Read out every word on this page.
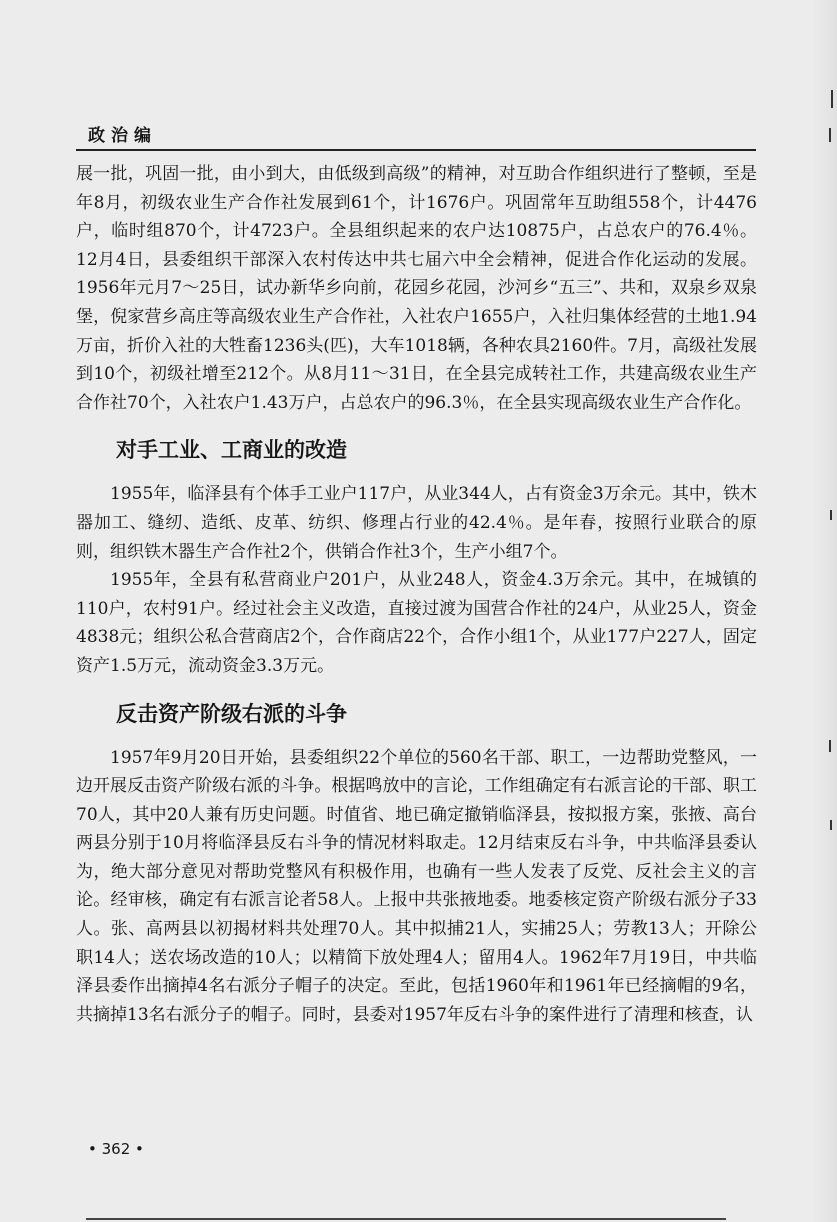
政治编

展一批，巩固一批，由小到大，由低级到高级”的精神，对互助合作组织进行了整顿，至是年8月，初级农业生产合作社发展到61个，计1676户。巩固常年互助组558个，计4476户，临时组870个，计4723户。全县组织起来的农户达10875户，占总农户的76.4％。12月4日，县委组织干部深入农村传达中共七届六中全会精神，促进合作化运动的发展。1956年元月7～25日，试办新华乡向前，花园乡花园，沙河乡“五三”、共和，双泉乡双泉堡，倪家营乡高庄等高级农业生产合作社，入社农户1655户，入社归集体经营的土地1.94万亩，折价入社的大牲畜1236头(匹)，大车1018辆，各种农具2160件。7月，高级社发展到10个，初级社增至212个。从8月11～31日，在全县完成转社工作，共建高级农业生产合作社70个，入社农户1.43万户，占总农户的96.3％，在全县实现高级农业生产合作化。

对手工业、工商业的改造

1955年，临泽县有个体手工业户117户，从业344人，占有资金3万余元。其中，铁木器加工、缝纫、造纸、皮革、纺织、修理占行业的42.4％。是年春，按照行业联合的原则，组织铁木器生产合作社2个，供销合作社3个，生产小组7个。

1955年，全县有私营商业户201户，从业248人，资金4.3万余元。其中，在城镇的110户，农村91户。经过社会主义改造，直接过渡为国营合作社的24户，从业25人，资金4838元；组织公私合营商店2个，合作商店22个，合作小组1个，从业177户227人，固定资产1.5万元，流动资金3.3万元。

反击资产阶级右派的斗争

1957年9月20日开始，县委组织22个单位的560名干部、职工，一边帮助党整风，一边开展反击资产阶级右派的斗争。根据鸣放中的言论，工作组确定有右派言论的干部、职工70人，其中20人兼有历史问题。时值省、地已确定撤销临泽县，按拟报方案，张掖、高台两县分别于10月将临泽县反右斗争的情况材料取走。12月结束反右斗争，中共临泽县委认为，绝大部分意见对帮助党整风有积极作用，也确有一些人发表了反党、反社会主义的言论。经审核，确定有右派言论者58人。上报中共张掖地委。地委核定资产阶级右派分子33人。张、高两县以初揭材料共处理70人。其中拟捕21人，实捕25人；劳教13人；开除公职14人；送农场改造的10人；以精简下放处理4人；留用4人。1962年7月19日，中共临泽县委作出摘掉4名右派分子帽子的决定。至此，包括1960年和1961年已经摘帽的9名，共摘掉13名右派分子的帽子。同时，县委对1957年反右斗争的案件进行了清理和核查，认

• 362 •
